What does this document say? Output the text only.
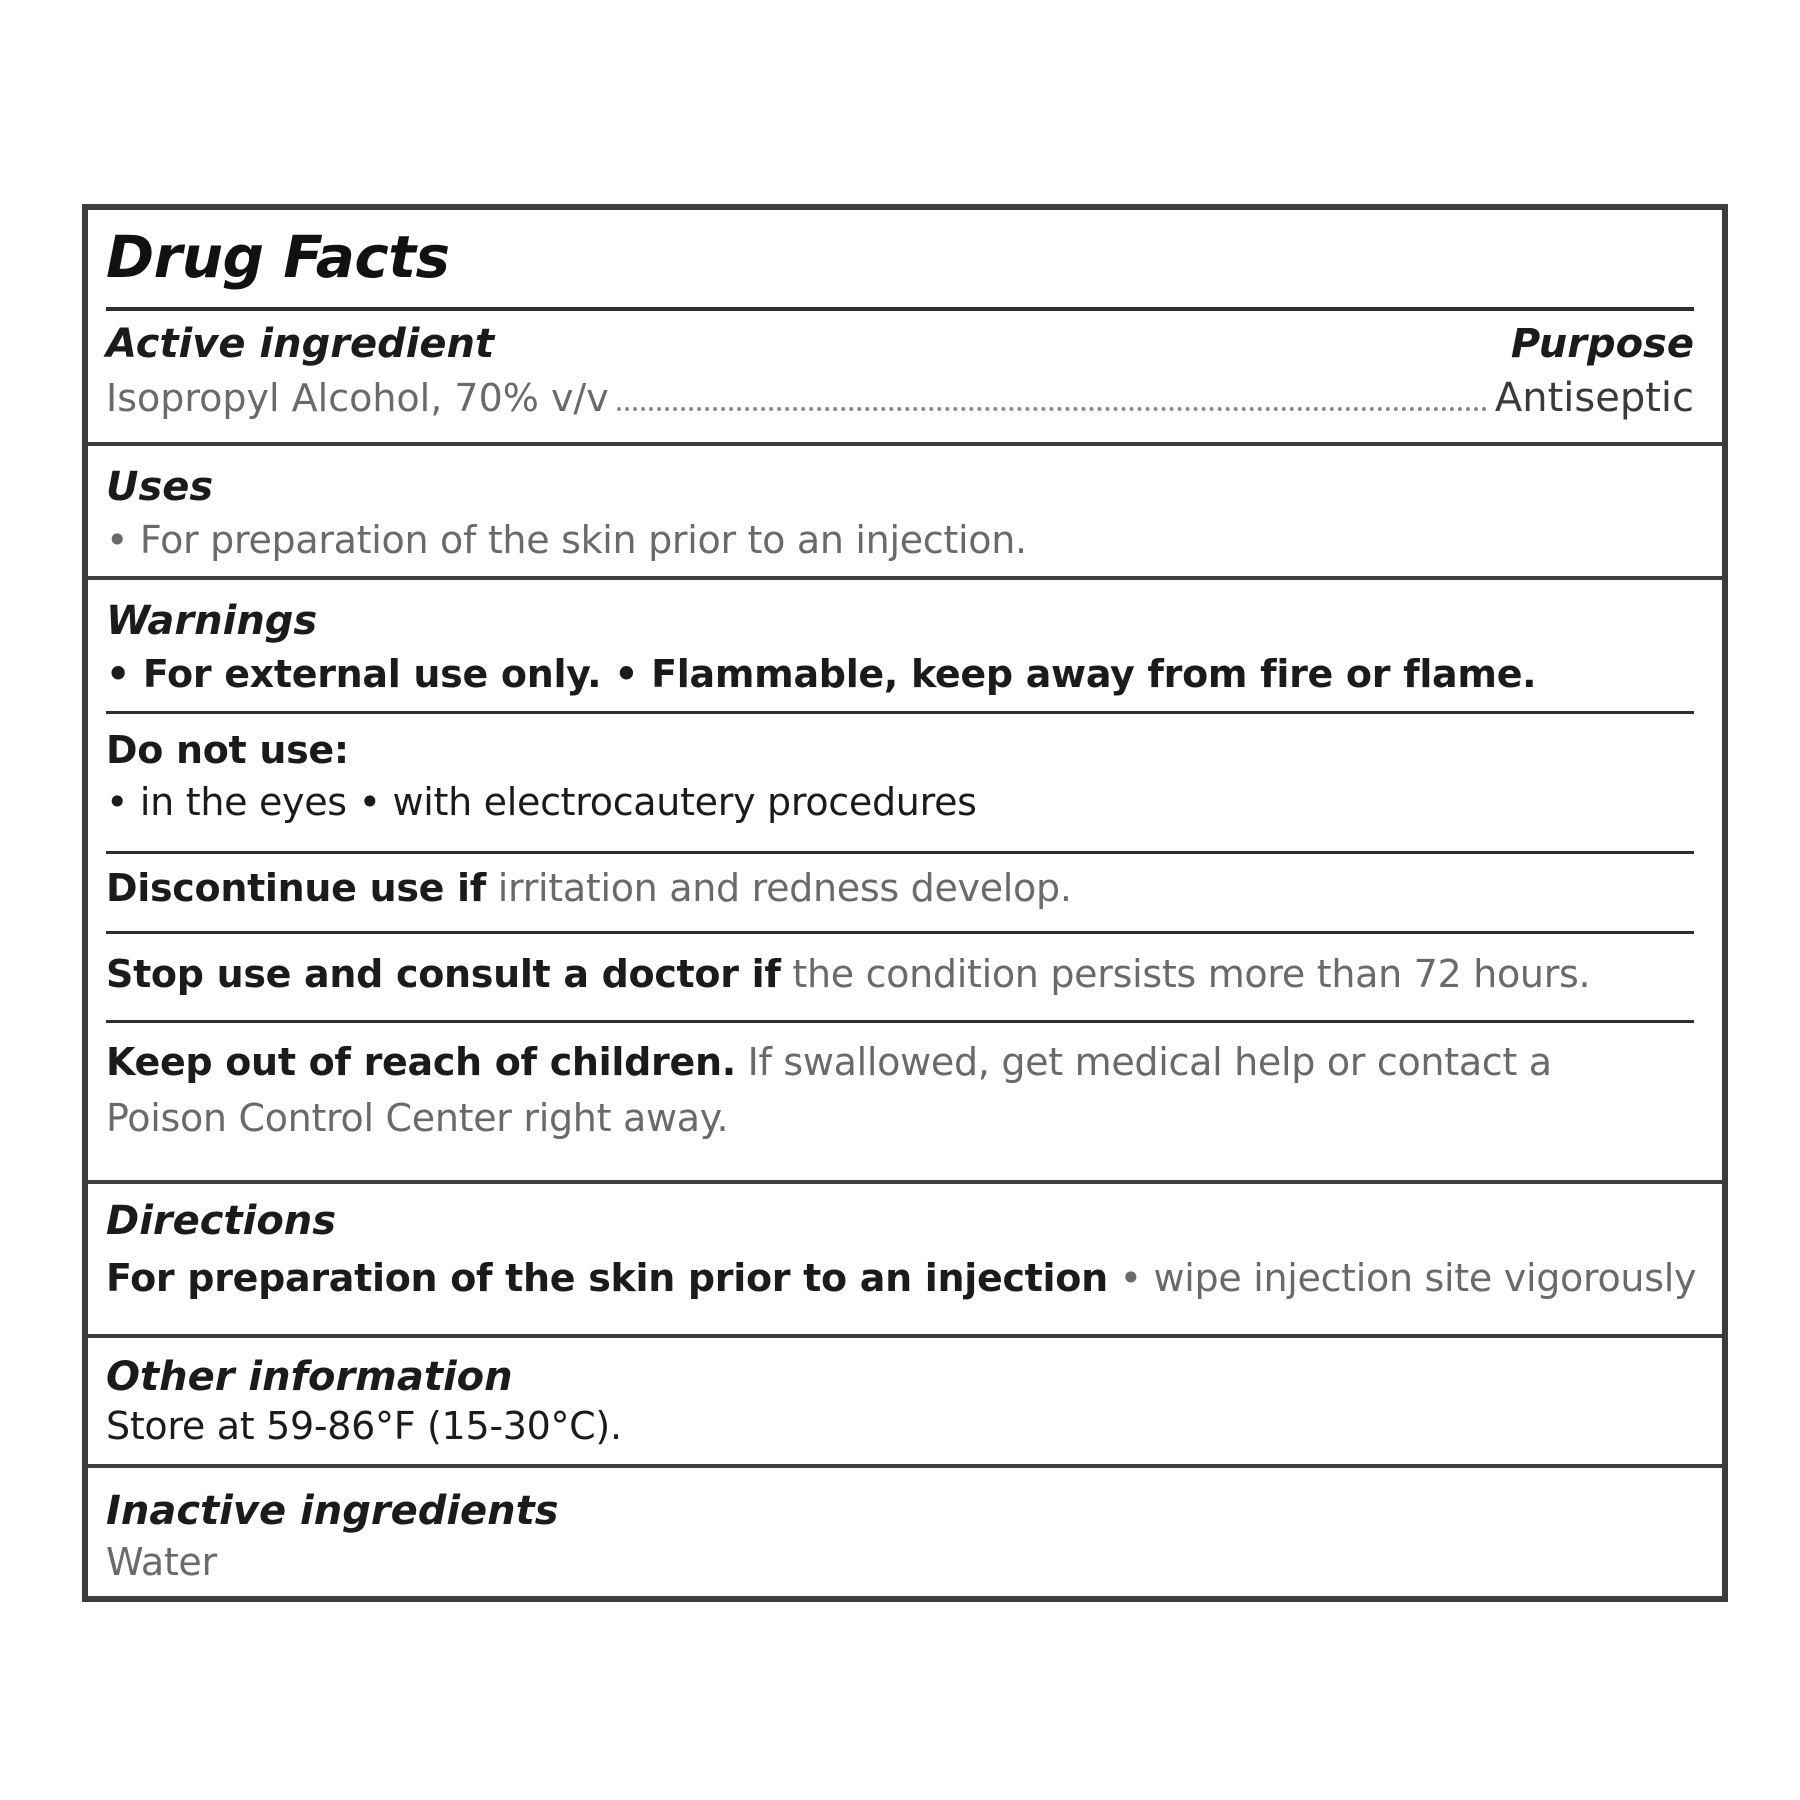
Drug Facts
Active ingredient	Purpose
Isopropyl Alcohol, 70% v/v	Antiseptic
Uses
• For preparation of the skin prior to an injection.
Warnings
• For external use only. • Flammable, keep away from fire or flame.
Do not use:
• in the eyes • with electrocautery procedures
Discontinue use if irritation and redness develop.
Stop use and consult a doctor if the condition persists more than 72 hours.
Keep out of reach of children. If swallowed, get medical help or contact a
Poison Control Center right away.
Directions
For preparation of the skin prior to an injection • wipe injection site vigorously
Other information
Store at 59-86°F (15-30°C).
Inactive ingredients
Water
